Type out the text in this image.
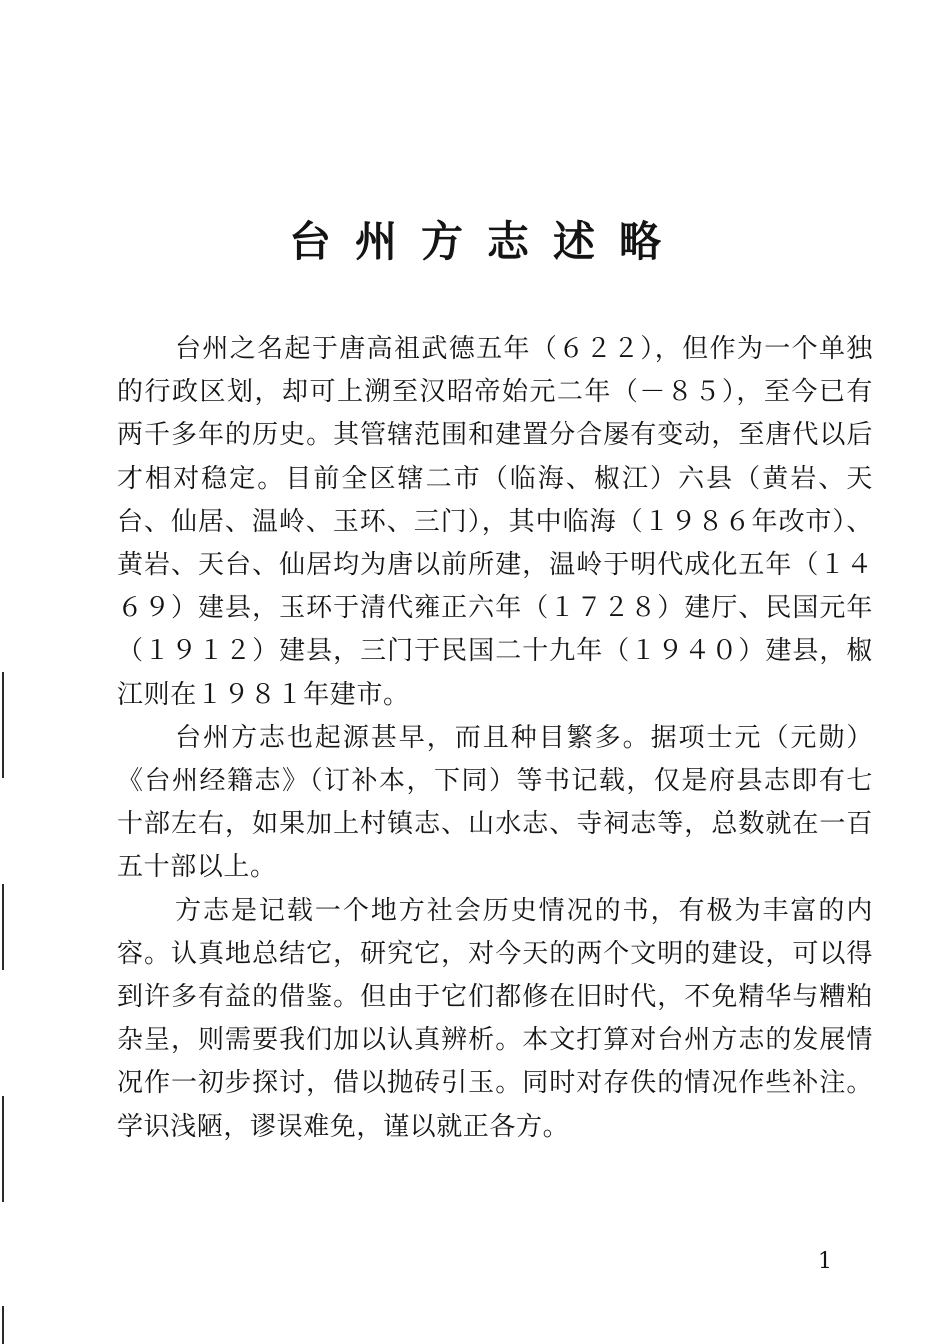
台州方志述略

台州之名起于唐高祖武德五年（６２２），但作为一个单独的行政区划，却可上溯至汉昭帝始元二年（－８５），至今已有两千多年的历史。其管辖范围和建置分合屡有变动，至唐代以后才相对稳定。目前全区辖二市（临海、椒江）六县（黄岩、天台、仙居、温岭、玉环、三门），其中临海（１９８６年改市）、黄岩、天台、仙居均为唐以前所建，温岭于明代成化五年（１４６９）建县，玉环于清代雍正六年（１７２８）建厅、民国元年（１９１２）建县，三门于民国二十九年（１９４０）建县，椒江则在１９８１年建市。

台州方志也起源甚早，而且种目繁多。据项士元（元勋）《台州经籍志》（订补本，下同）等书记载，仅是府县志即有七十部左右，如果加上村镇志、山水志、寺祠志等，总数就在一百五十部以上。

方志是记载一个地方社会历史情况的书，有极为丰富的内容。认真地总结它，研究它，对今天的两个文明的建设，可以得到许多有益的借鉴。但由于它们都修在旧时代，不免精华与糟粕杂呈，则需要我们加以认真辨析。本文打算对台州方志的发展情况作一初步探讨，借以抛砖引玉。同时对存佚的情况作些补注。学识浅陋，谬误难免，谨以就正各方。

1
